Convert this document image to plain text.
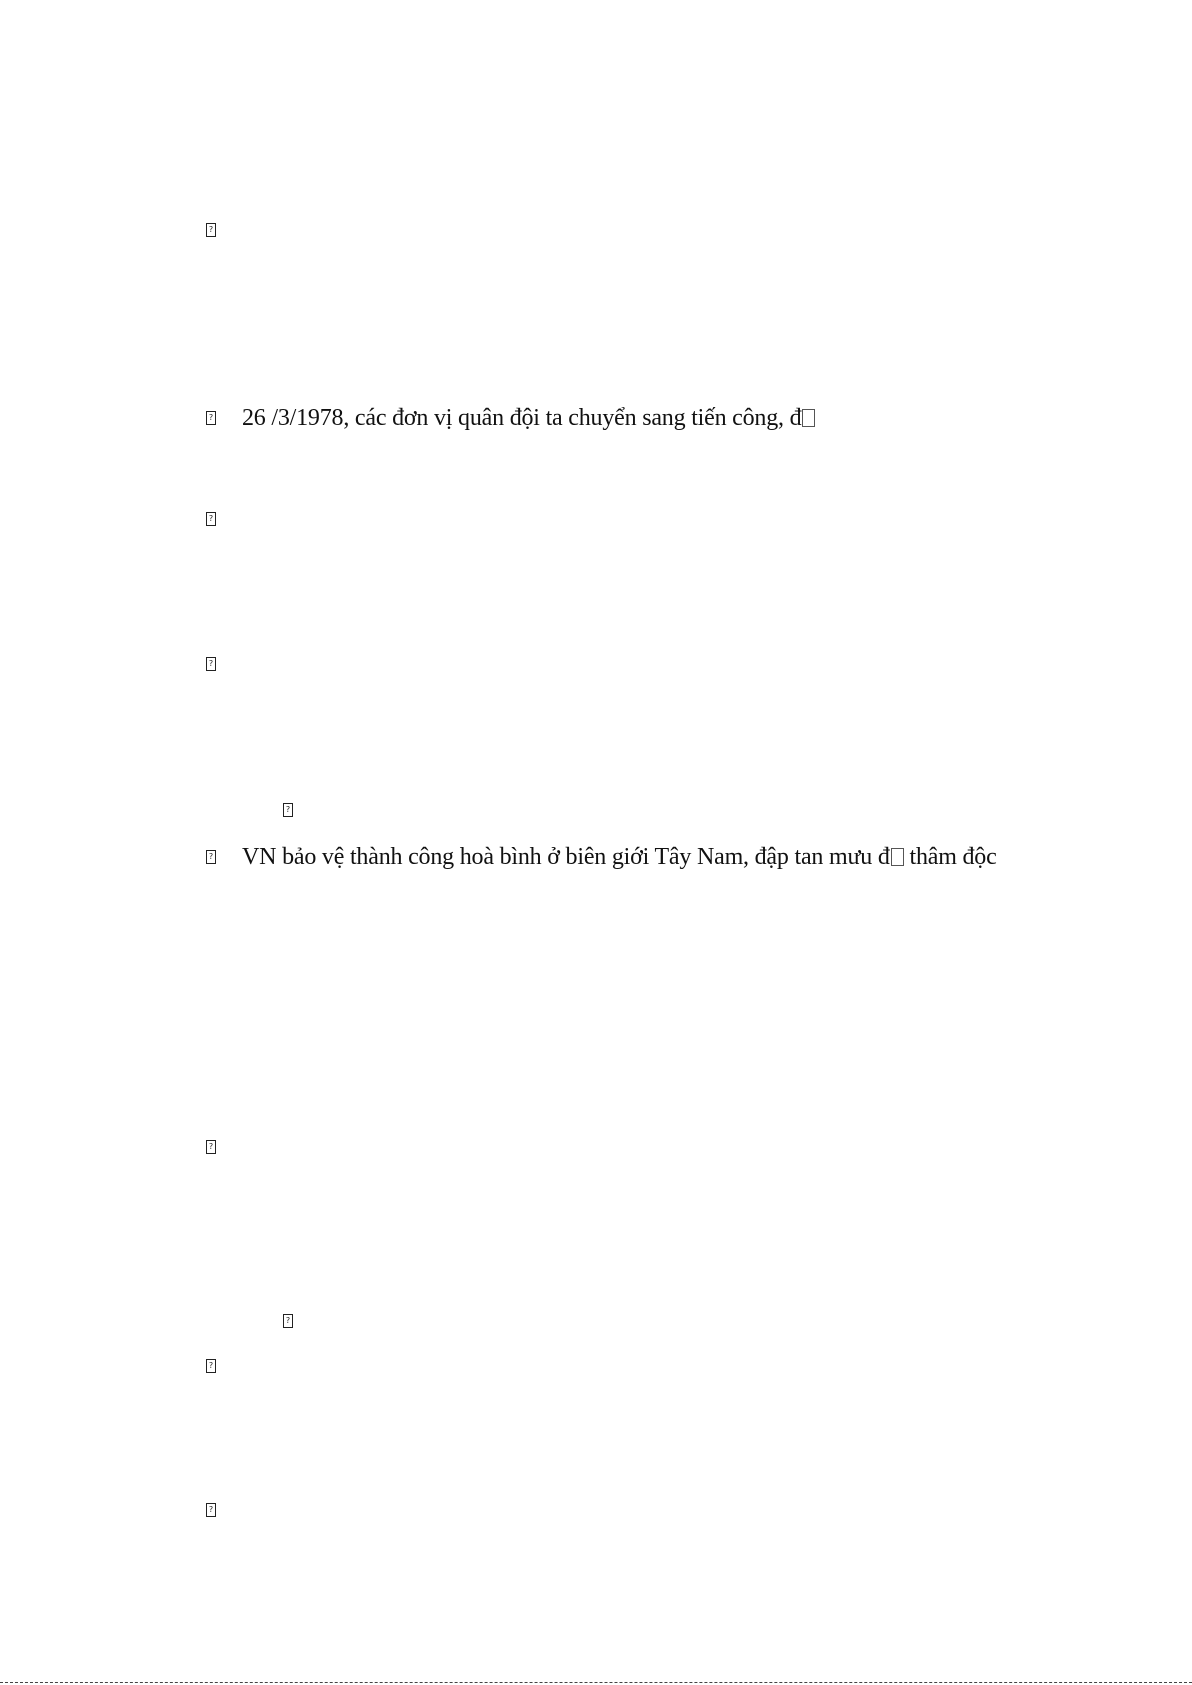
?
? 26 /3/1978, các đơn vị quân đội ta chuyển sang tiến công, đ
?
?
?
? VN bảo vệ thành công hoà bình ở biên giới Tây Nam, đập tan mưu đ thâm độc
?
?
?
?
